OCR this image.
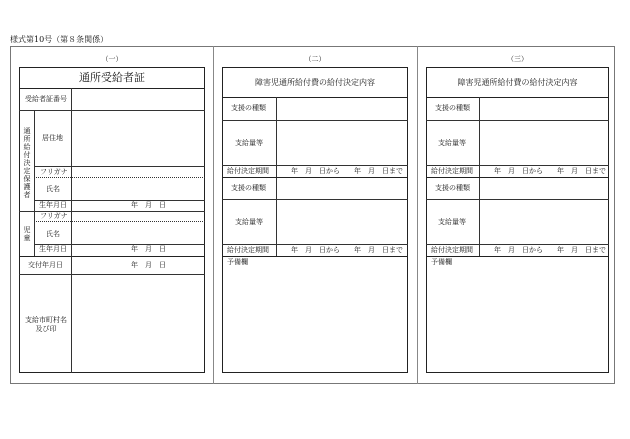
様式第10号（第８条関係）
（一）
通所受給者証
受給者証番号
通所給付決定保護者
居住地
フリガナ
氏名
生年月日	年　月　日
児童
フリガナ
氏名
生年月日	年　月　日
交付年月日	年　月　日
支給市町村名及び印
（二）
障害児通所給付費の給付決定内容
支援の種類
支給量等
給付決定期間	年　月　日から　　年　月　日まで
支援の種類
支給量等
給付決定期間	年　月　日から　　年　月　日まで
予備欄
（三）
障害児通所給付費の給付決定内容
支援の種類
支給量等
給付決定期間	年　月　日から　　年　月　日まで
支援の種類
支給量等
給付決定期間	年　月　日から　　年　月　日まで
予備欄
